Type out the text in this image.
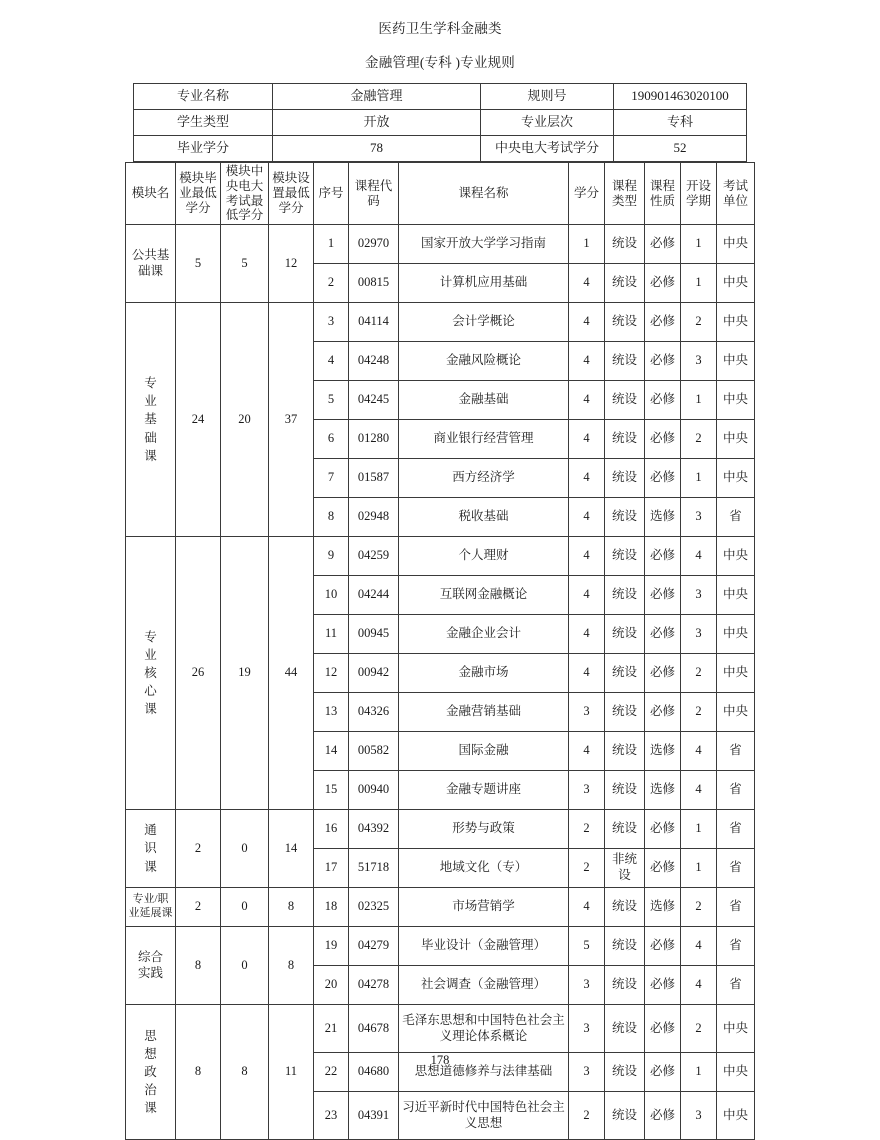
医药卫生学科金融类
金融管理(专科 )专业规则
专业名称	金融管理	规则号	190901463020100
学生类型	开放	专业层次	专科
毕业学分	78	中央电大考试学分	52
模块名	模块毕业最低学分	模块中央电大考试最低学分	模块设置最低学分	序号	课程代码	课程名称	学分	课程类型	课程性质	开设学期	考试单位

公共基
础课	5	5	12	1	02970	国家开放大学学习指南	1	统设	必修	1	中央
				2	00815	计算机应用基础	4	统设	必修	1	中央
专
业
基
础
课	24	20	37	3	04114	会计学概论	4	统设	必修	2	中央
				4	04248	金融风险概论	4	统设	必修	3	中央
				5	04245	金融基础	4	统设	必修	1	中央
				6	01280	商业银行经营管理	4	统设	必修	2	中央
				7	01587	西方经济学	4	统设	必修	1	中央
				8	02948	税收基础	4	统设	选修	3	省
专
业
核
心
课	26	19	44	9	04259	个人理财	4	统设	必修	4	中央
				10	04244	互联网金融概论	4	统设	必修	3	中央
				11	00945	金融企业会计	4	统设	必修	3	中央
				12	00942	金融市场	4	统设	必修	2	中央
				13	04326	金融营销基础	3	统设	必修	2	中央
				14	00582	国际金融	4	统设	选修	4	省
				15	00940	金融专题讲座	3	统设	选修	4	省
通
识
课	2	0	14	16	04392	形势与政策	2	统设	必修	1	省
				17	51718	地域文化（专）	2	非统设	必修	1	省
专业/职
业延展课	2	0	8	18	02325	市场营销学	4	统设	选修	2	省
综合
实践	8	0	8	19	04279	毕业设计（金融管理）	5	统设	必修	4	省
				20	04278	社会调查（金融管理）	3	统设	必修	4	省
思
想
政
治
课	8	8	11	21	04678	毛泽东思想和中国特色社会主义理论体系概论	3	统设	必修	2	中央
				22	04680	思想道德修养与法律基础	3	统设	必修	1	中央
				23	04391	习近平新时代中国特色社会主义思想	2	统设	必修	3	中央
178
